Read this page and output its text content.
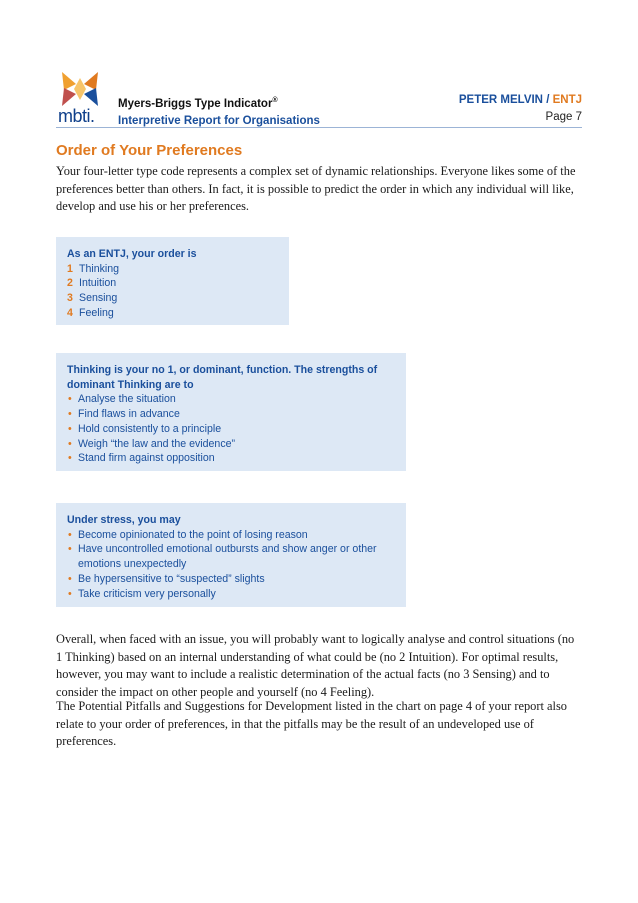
mbti.
Myers-Briggs Type Indicator®
Interpretive Report for Organisations
PETER MELVIN / ENTJ
Page 7
Order of Your Preferences
Your four-letter type code represents a complex set of dynamic relationships. Everyone likes some of the preferences better than others. In fact, it is possible to predict the order in which any individual will like, develop and use his or her preferences.
As an ENTJ, your order is
1 Thinking
2 Intuition
3 Sensing
4 Feeling
Thinking is your no 1, or dominant, function. The strengths of dominant Thinking are to
• Analyse the situation
• Find flaws in advance
• Hold consistently to a principle
• Weigh “the law and the evidence”
• Stand firm against opposition
Under stress, you may
• Become opinionated to the point of losing reason
• Have uncontrolled emotional outbursts and show anger or other emotions unexpectedly
• Be hypersensitive to “suspected” slights
• Take criticism very personally
Overall, when faced with an issue, you will probably want to logically analyse and control situations (no 1 Thinking) based on an internal understanding of what could be (no 2 Intuition). For optimal results, however, you may want to include a realistic determination of the actual facts (no 3 Sensing) and to consider the impact on other people and yourself (no 4 Feeling).
The Potential Pitfalls and Suggestions for Development listed in the chart on page 4 of your report also relate to your order of preferences, in that the pitfalls may be the result of an undeveloped use of preferences.
